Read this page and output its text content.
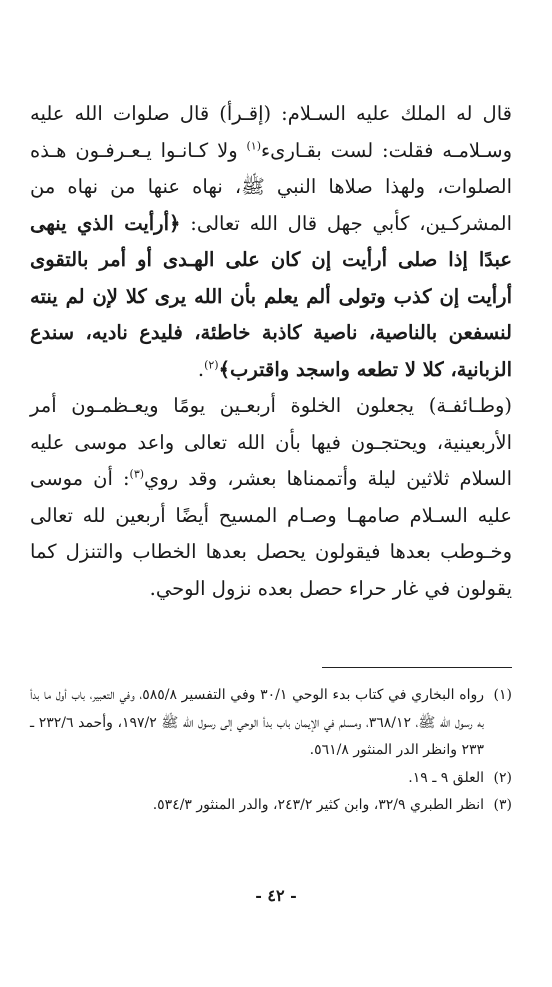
قال له الملك عليه السـلام: (إقـرأ) قال صلوات الله عليه وسـلامـه فقلت: لست بقـارىء$^{(١)}$ ولا كـانـوا يـعـرفـون هـذه الصلوات، ولهذا صلاها النبي ﷺ، نهاه عنها من نهاه من المشركـين، كأبي جهل قال الله تعالى: ﴿أرأيت الذي ينهى عبدًا إذا صلى أرأيت إن كان على الهـدى أو أمر بالتقوى أرأيت إن كذب وتولى ألم يعلم بأن الله يرى كلا لإن لم ينته لنسفعن بالناصية، ناصية كاذبة خاطئة، فليدع ناديه، سندع الزبانية، كلا لا تطعه واسجد واقترب﴾$^{(٢)}$.

(وطـائفـة) يجعلون الخلوة أربعـين يومًا ويعـظمـون أمر الأربعينية، ويحتجـون فيها بأن الله تعالى واعد موسى عليه السلام ثلاثين ليلة وأتممناها بعشر، وقد روي$^{(٣)}$: أن موسى عليه السـلام صامهـا وصـام المسيح أيضًا أربعين لله تعالى وخـوطب بعدها فيقولون يحصل بعدها الخطاب والتنزل كما يقولون في غار حراء حصل بعده نزول الوحي.

(١)
رواه البخاري في كتاب بدء الوحي ٣٠/١ وفي التفسير ٥٨٥/٨، وفي التعبير، باب أول ما بدأ به رسول الله ﷺ، ٣٦٨/١٢، ومسلم في الإيمان باب بدأ الوحي إلى رسول الله ﷺ ١٩٧/٢، وأحمد ٢٣٢/٦ ـ ٢٣٣ وانظر الدر المنثور ٥٦١/٨.
(٢)
العلق ٩ ـ ١٩.
(٣)
انظر الطبري ٣٢/٩، وابن كثير ٢٤٣/٢، والدر المنثور ٥٣٤/٣.
- ٤٢ -
